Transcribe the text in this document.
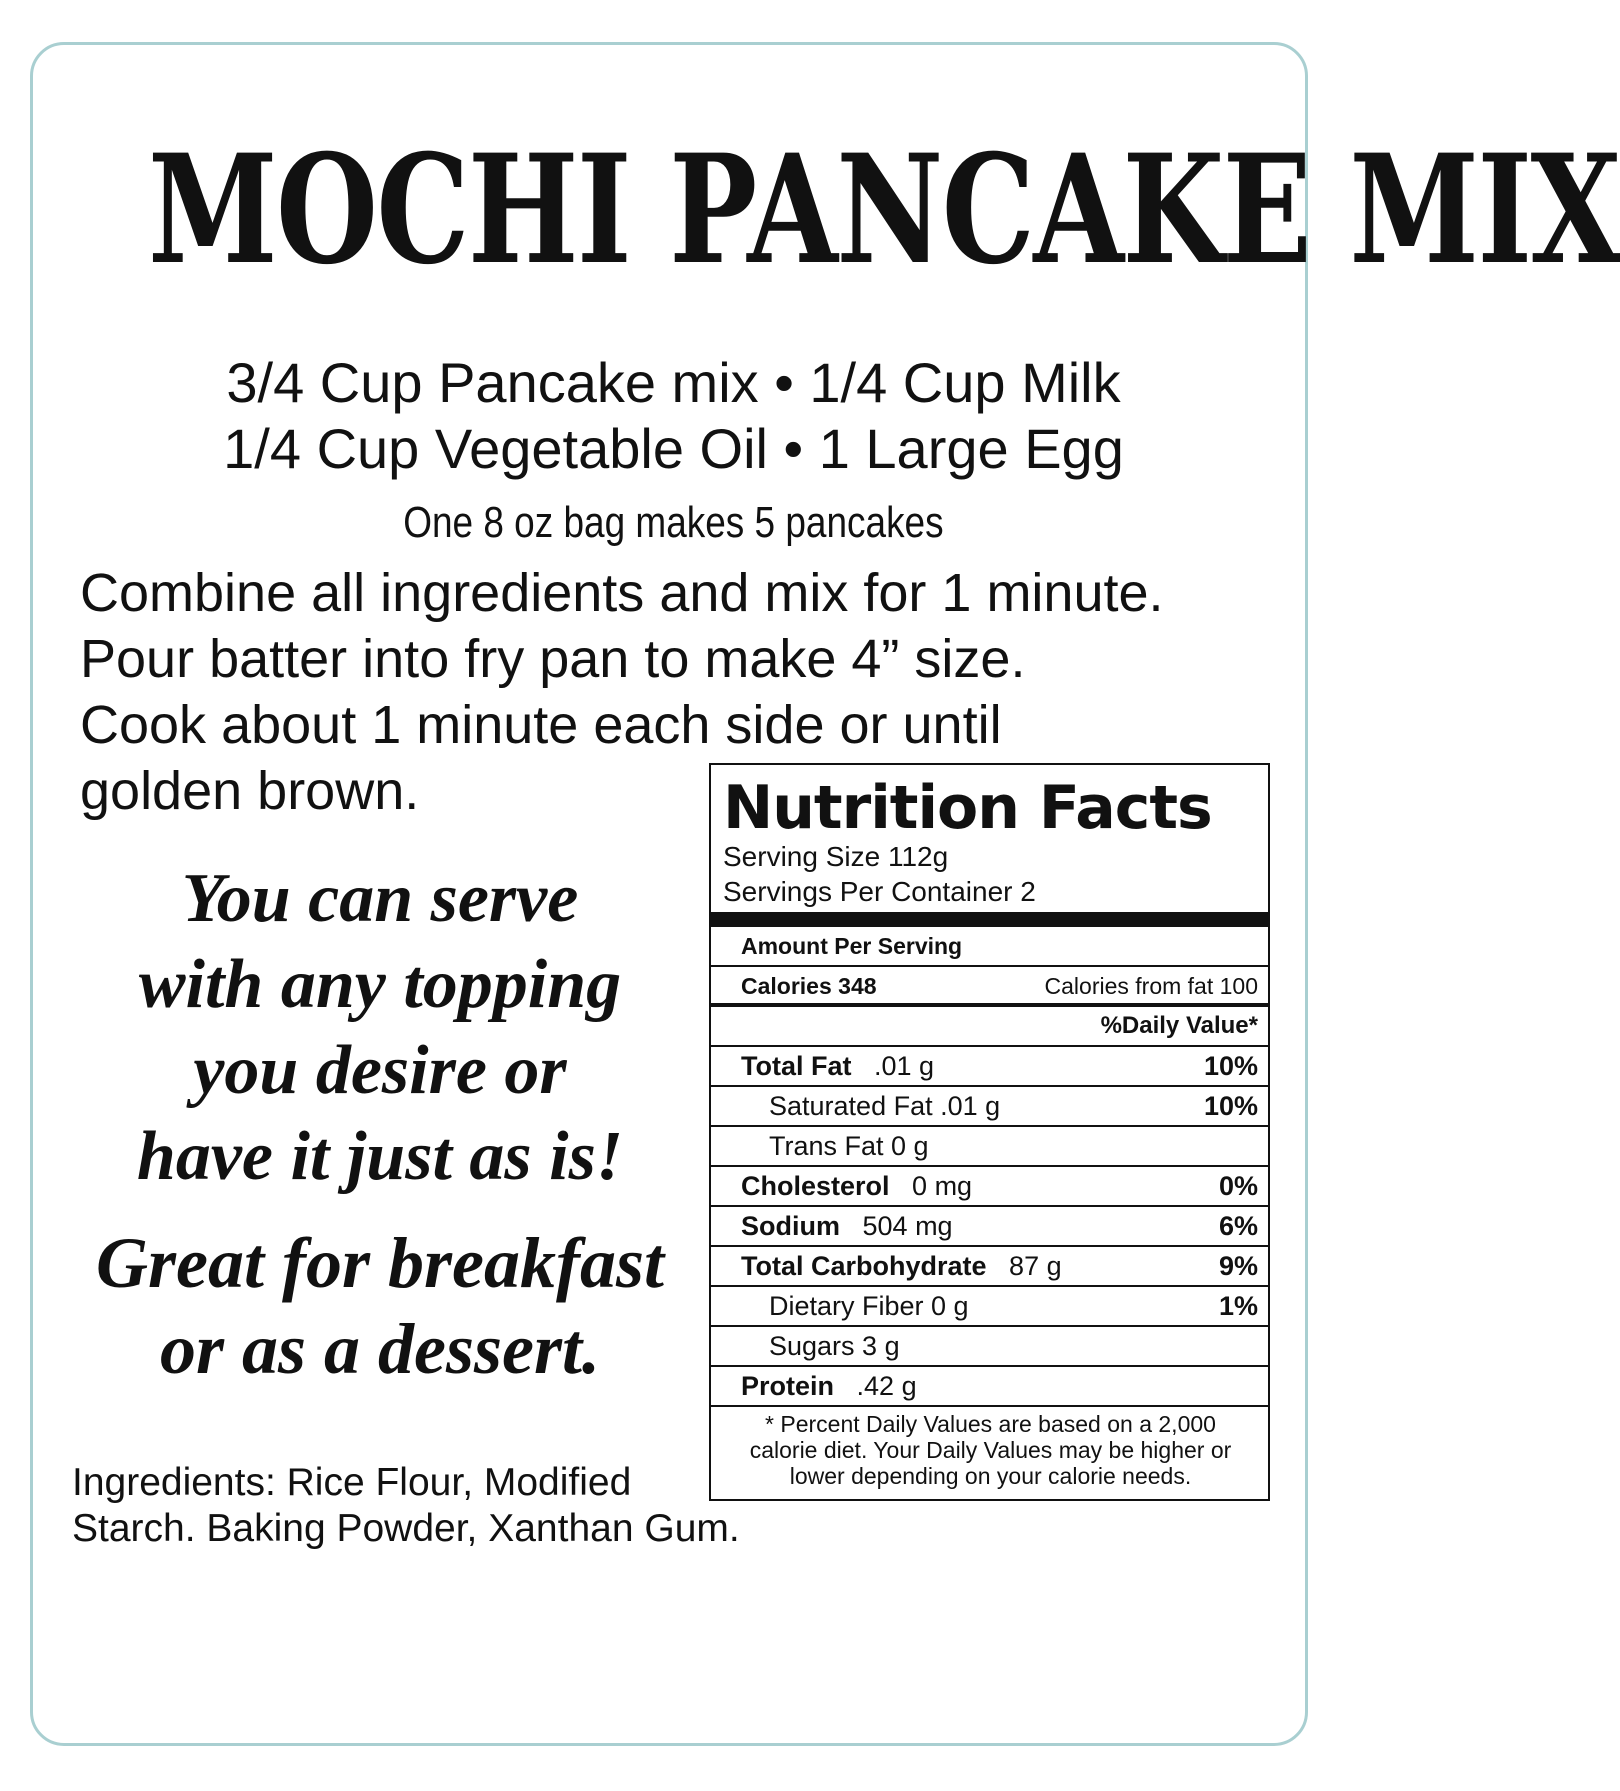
MOCHI PANCAKE MIX
3/4 Cup Pancake mix • 1/4 Cup Milk
1/4 Cup Vegetable Oil • 1 Large Egg
One 8 oz bag makes 5 pancakes
Combine all ingredients and mix for 1 minute.
Pour batter into fry pan to make 4” size.
Cook about 1 minute each side or until
golden brown.
You can serve
with any topping
you desire or
have it just as is!
Great for breakfast
or as a dessert.
Ingredients: Rice Flour, Modified
Starch. Baking Powder, Xanthan Gum.
Nutrition Facts
Serving Size 112g
Servings Per Container 2
Amount Per Serving
Calories 348	Calories from fat 100
%Daily Value*
Total Fat   .01 g	10%
Saturated Fat .01 g	10%
Trans Fat 0 g
Cholesterol   0 mg	0%
Sodium   504 mg	6%
Total Carbohydrate   87 g	9%
Dietary Fiber 0 g	1%
Sugars 3 g
Protein   .42 g
* Percent Daily Values are based on a 2,000
calorie diet. Your Daily Values may be higher or
lower depending on your calorie needs.
